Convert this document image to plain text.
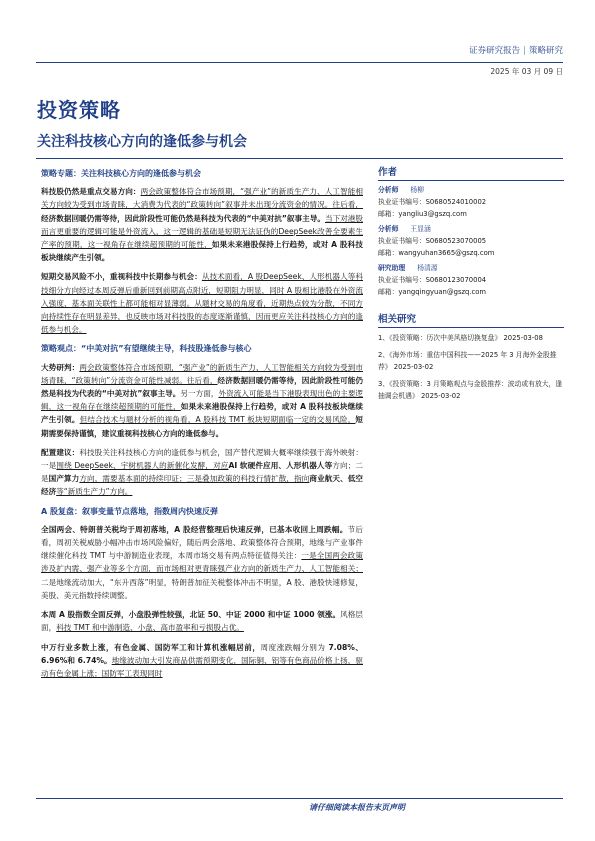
证券研究报告 | 策略研究
2025 年 03 月 09 日
投资策略
关注科技核心方向的逢低参与机会
策略专题：关注科技核心方向的逢低参与机会

科技股仍然是重点交易方向：两会政策整体符合市场预期，“强产业”的新质生产力、人工智能相关方向较为受到市场青睐，大消费为代表的“政策转向”叙事并未出现分流资金的情况。往后看，经济数据回暖仍需等待，因此阶段性可能仍然是科技为代表的“中美对抗”叙事主导。当下对港股而言更重要的逻辑可能是外资流入，这一逻辑的基础是短期无法证伪的DeepSeek改善全要素生产率的预期，这一视角存在继续超预期的可能性，如果未来港股保持上行趋势，或对 A 股科技板块继续产生引领。

短期交易风险不小，重视科技中长期参与机会：从技术面看，A 股DeepSeek、人形机器人等科技细分方向经过本周反弹后重新回到前期高点附近，短期阻力明显，同时 A 股相比港股在外资流入强度、基本面关联性上都可能相对显薄弱。从题材交易的角度看，近期热点较为分散，不同方向持续性存在明显差异，也反映市场对科技股的态度逐渐谨慎，因而更应关注科技核心方向的逢低参与机会。

策略观点：“中美对抗”有望继续主导，科技股逢低参与核心

大势研判：两会政策整体符合市场预期，“强产业”的新质生产力、人工智能相关方向较为受到市场青睐，“政策转向”分流资金可能性减弱。往后看，经济数据回暖仍需等待，因此阶段性可能仍然是科技为代表的“中美对抗”叙事主导。另一方面，外资流入可能是当下港股表现出色的主要逻辑，这一视角存在继续超预期的可能性，如果未来港股保持上行趋势，或对 A 股科技板块继续产生引领。但结合技术与题材分析的视角看，A 股科技 TMT 板块短期面临一定的交易风险，短期需要保持谨慎，建议重视科技核心方向的逢低参与。

配置建议：科技股关注科技核心方向的逢低参与机会，国产替代逻辑大概率继续强于海外映射：一是围绕 DeepSeek、宇树机器人的新催化发酵，对应AI 软硬件应用、人形机器人等方向；二是国产算力方向，需要基本面的持续印证；三是叠加政策的科技行情扩散，指向商业航天、低空经济等“新质生产力”方向。

A 股复盘：叙事变量节点落地，指数周内快速反弹

全国两会、特朗普关税均于周初落地，A 股经营整理后快速反弹，已基本收回上周跌幅。节后看，周初关税威胁小幅冲击市场风险偏好，随后两会落地、政策整体符合预期，地缘与产业事件继续催化科技 TMT 与中游制造业表现，本周市场交易有两点特征值得关注：一是全国两会政策涉及扩内需、强产业等多个方面，而市场相对更青睐强产业方向的新质生产力、人工智能相关；二是地缘流动加大，“东升西落”明显，特朗普加征关税整体冲击不明显，A 股、港股快速修复，美股、美元指数持续调整。

本周 A 股指数全面反弹，小盘股弹性较强，北证 50、中证 2000 和中证 1000 领涨。风格层面，科技 TMT 和中游制造、小盘、高市盈率和亏损股占优。

中万行业多数上涨，有色金属、国防军工和计算机涨幅居前，周度涨跌幅分别为 7.08%、6.96%和 6.74%。地缘波动加大引发商品供需预期变化，国际铜、铝等有色商品价格上扬，驱动有色金属上涨；国防军工表现同时

作者
分析师 杨柳
执业证书编号：S0680524010002
邮箱：yangliu3@gszq.com
分析师 王显涵
执业证书编号：S0680523070005
邮箱：wangyuhan3665@gszq.com
研究助理 杨清源
执业证书编号：S0680123070004
邮箱：yangqingyuan@gszq.com
相关研究
1、《投资策略：历次中美风格切换复盘》 2025-03-08
2、《海外市场：重估中国科技——2025 年 3 月海外金股推荐》 2025-03-02
3、《投资策略：3 月策略观点与金股推荐：波动或有放大，逢抽调会机遇》 2025-03-02
请仔细阅读本报告末页声明
